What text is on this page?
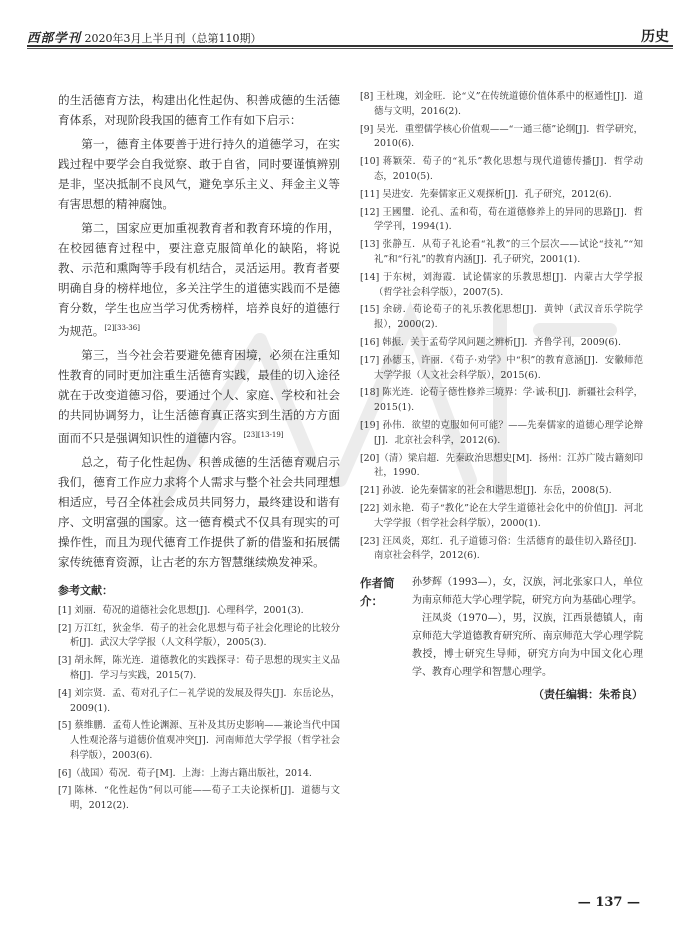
西部学刊 2020年3月上半月刊（总第110期）	历史

的生活德育方法，构建出化性起伪、积善成德的生活德育体系，对现阶段我国的德育工作有如下启示：

第一，德育主体要善于进行持久的道德学习，在实践过程中要学会自我觉察、敢于自省，同时要谨慎辨别是非，坚决抵制不良风气，避免享乐主义、拜金主义等有害思想的精神腐蚀。

第二，国家应更加重视教育者和教育环境的作用，在校园德育过程中，要注意克服简单化的缺陷，将说教、示范和熏陶等手段有机结合，灵活运用。教育者要明确自身的榜样地位，多关注学生的道德实践而不是德育分数，学生也应当学习优秀榜样，培养良好的道德行为规范。[2][33-36]

第三，当今社会若要避免德育困境，必须在注重知性教育的同时更加注重生活德育实践，最佳的切入途径就在于改变道德习俗，要通过个人、家庭、学校和社会的共同协调努力，让生活德育真正落实到生活的方方面面而不只是强调知识性的道德内容。[23][13-19]

总之，荀子化性起伪、积善成德的生活德育观启示我们，德育工作应力求将个人需求与整个社会共同理想相适应，号召全体社会成员共同努力，最终建设和谐有序、文明富强的国家。这一德育模式不仅具有现实的可操作性，而且为现代德育工作提供了新的借鉴和拓展儒家传统德育资源，让古老的东方智慧继续焕发神采。

参考文献：
[1] 刘丽．荀况的道德社会化思想[J]．心理科学，2001(3).
[2] 万江红，狄金华．荀子的社会化思想与荀子社会化理论的比较分析[J]．武汉大学学报（人文科学版），2005(3).
[3] 胡永辉，陈光连．道德教化的实践探寻：荀子思想的现实主义品格[J]．学习与实践，2015(7).
[4] 刘宗贤．孟、荀对孔子仁－礼学说的发展及得失[J]．东岳论丛，2009(1).
[5] 蔡维鹏．孟荀人性论渊源、互补及其历史影响——兼论当代中国人性观沦落与道德价值观冲突[J]．河南师范大学学报（哲学社会科学版），2003(6).
[6]（战国）荀况．荀子[M]．上海：上海古籍出版社，2014.
[7] 陈林．“化性起伪”何以可能——荀子工夫论探析[J]．道德与文明，2012(2).
[8] 王杜瑰，刘金旺．论“义”在传统道德价值体系中的枢通性[J]．道德与文明，2016(2).
[9] 吴光．重塑儒学核心价值观——“一通三德”论纲[J]．哲学研究，2010(6).
[10] 蒋颖荣．荀子的“礼乐”教化思想与现代道德传播[J]．哲学动态，2010(5).
[11] 吴进安．先秦儒家正义观探析[J]．孔子研究，2012(6).
[12] 王國璽．论孔、孟和荀，荀在道德修养上的异同的思路[J]．哲学学刊，1994(1).
[13] 张静互．从荀子礼论看“礼教”的三个层次——试论“技礼”“知礼”和“行礼”的教育内涵[J]．孔子研究，2001(1).
[14] 于东树，刘海霞．试论儒家的乐教思想[J]．内蒙古大学学报（哲学社会科学版），2007(5).
[15] 余磅．荀论荀子的礼乐教化思想[J]．黄钟（武汉音乐学院学报），2000(2).
[16] 韩振．关于孟荀学风问题之辨析[J]．齐鲁学刊，2009(6).
[17] 孙德玉，许丽．《荀子·劝学》中“积”的教育意涵[J]．安徽师范大学学报（人文社会科学版），2015(6).
[18] 陈光连．论荀子德性修养三境界：学·诚·积[J]．新疆社会科学，2015(1).
[19] 孙伟．欲望的克服如何可能？——先秦儒家的道德心理学论辩[J]．北京社会科学，2012(6).
[20]（清）梁启超．先秦政治思想史[M]．扬州：江苏广陵古籍刻印社，1990.
[21] 孙波．论先秦儒家的社会和谐思想[J]．东岳，2008(5).
[22] 刘永艳．荀子“教化”论在大学生道德社会化中的价值[J]．河北大学学报（哲学社会科学版），2000(1).
[23] 汪凤炎，郑红．孔子道德习俗：生活德育的最佳切入路径[J]．南京社会科学，2012(6).
作者简介：
孙梦辉（1993—），女，汉族，河北张家口人，单位为南京师范大学心理学院，研究方向为基础心理学。
汪凤炎（1970—），男，汉族，江西景德镇人，南京师范大学道德教育研究所、南京师范大学心理学院教授，博士研究生导师，研究方向为中国文化心理学、教育心理学和智慧心理学。
（责任编辑：朱希良）
— 137 —
